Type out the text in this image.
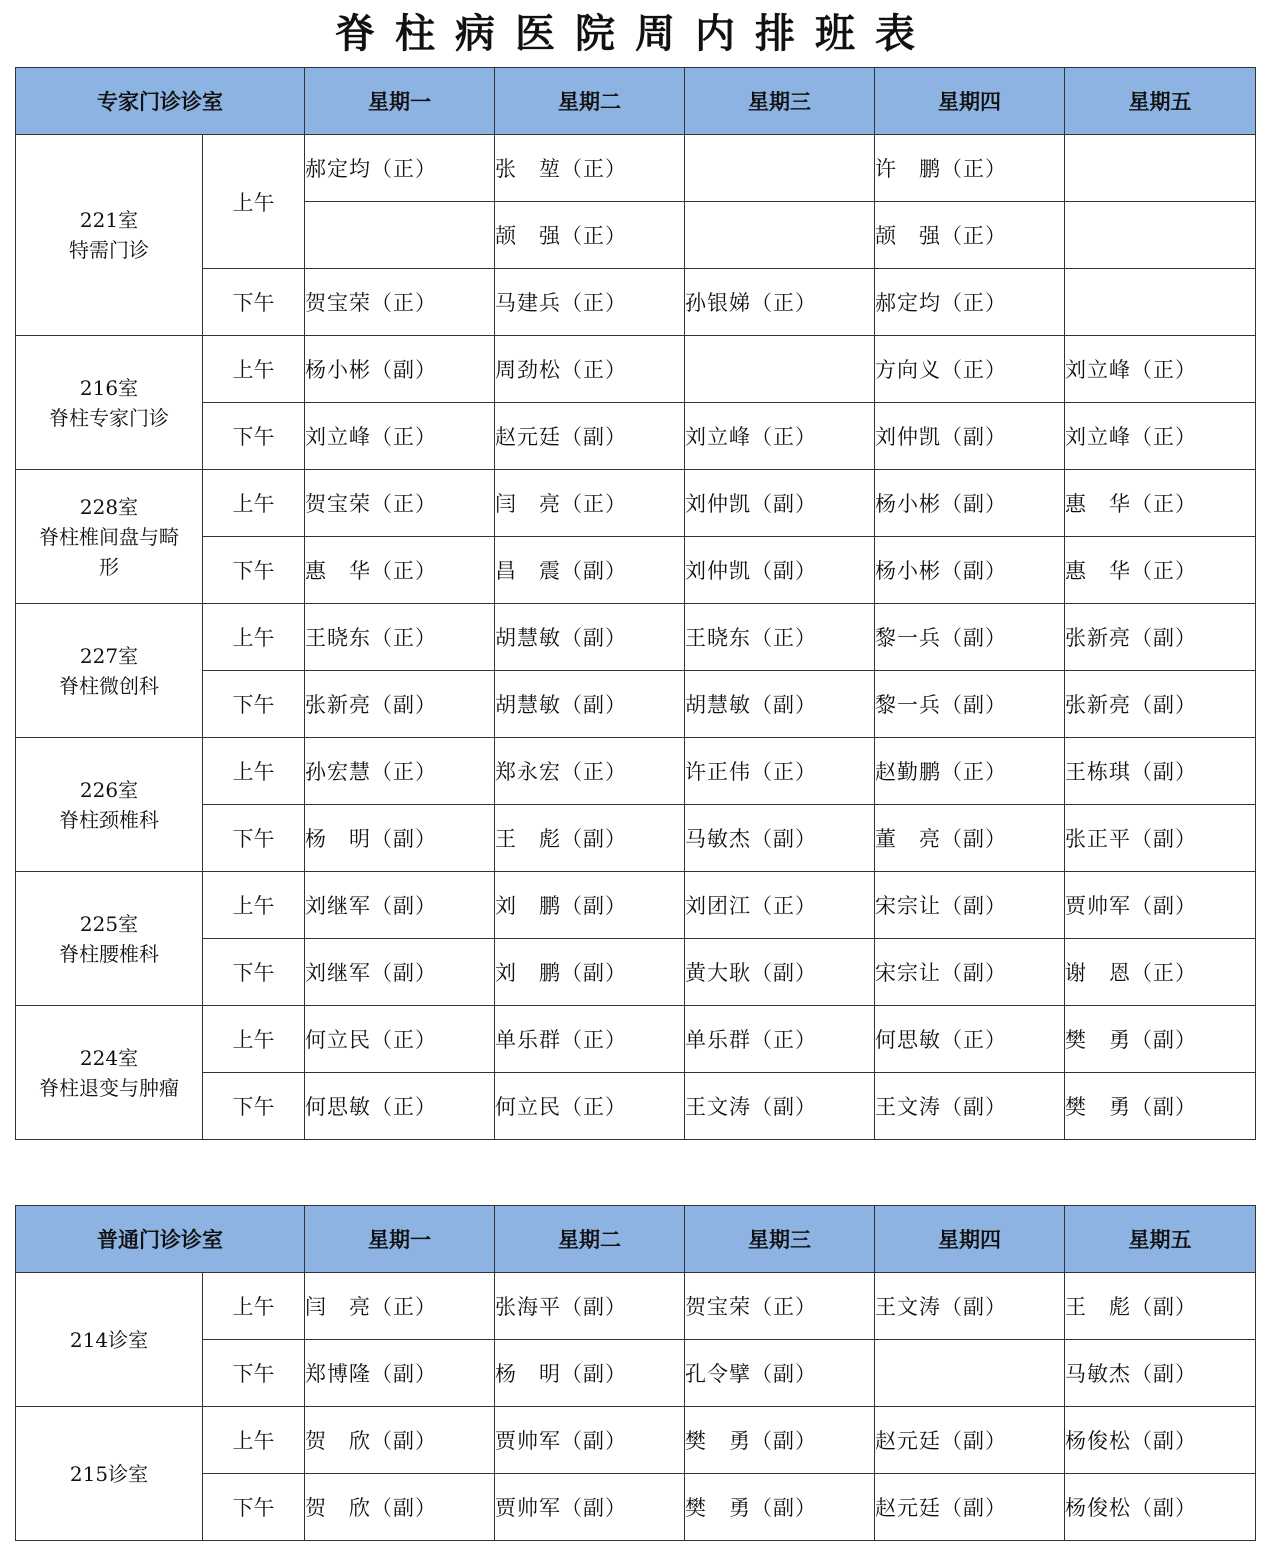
脊柱病医院周内排班表
专家门诊诊室		星期一	星期二	星期三	星期四	星期五
221室
特需门诊	上午	郝定均（正）	张　堃（正）		许　鹏（正）	
			颉　强（正）		颉　强（正）	
	下午	贺宝荣（正）	马建兵（正）	孙银娣（正）	郝定均（正）	
216室
脊柱专家门诊	上午	杨小彬（副）	周劲松（正）		方向义（正）	刘立峰（正）
	下午	刘立峰（正）	赵元廷（副）	刘立峰（正）	刘仲凯（副）	刘立峰（正）
228室
脊柱椎间盘与畸
形	上午	贺宝荣（正）	闫　亮（正）	刘仲凯（副）	杨小彬（副）	惠　华（正）
	下午	惠　华（正）	昌　震（副）	刘仲凯（副）	杨小彬（副）	惠　华（正）
227室
脊柱微创科	上午	王晓东（正）	胡慧敏（副）	王晓东（正）	黎一兵（副）	张新亮（副）
	下午	张新亮（副）	胡慧敏（副）	胡慧敏（副）	黎一兵（副）	张新亮（副）
226室
脊柱颈椎科	上午	孙宏慧（正）	郑永宏（正）	许正伟（正）	赵勤鹏（正）	王栋琪（副）
	下午	杨　明（副）	王　彪（副）	马敏杰（副）	董　亮（副）	张正平（副）
225室
脊柱腰椎科	上午	刘继军（副）	刘　鹏（副）	刘团江（正）	宋宗让（副）	贾帅军（副）
	下午	刘继军（副）	刘　鹏（副）	黄大耿（副）	宋宗让（副）	谢　恩（正）
224室
脊柱退变与肿瘤	上午	何立民（正）	单乐群（正）	单乐群（正）	何思敏（正）	樊　勇（副）
	下午	何思敏（正）	何立民（正）	王文涛（副）	王文涛（副）	樊　勇（副）
普通门诊诊室		星期一	星期二	星期三	星期四	星期五
214诊室	上午	闫　亮（正）	张海平（副）	贺宝荣（正）	王文涛（副）	王　彪（副）
	下午	郑博隆（副）	杨　明（副）	孔令擘（副）		马敏杰（副）
215诊室	上午	贺　欣（副）	贾帅军（副）	樊　勇（副）	赵元廷（副）	杨俊松（副）
	下午	贺　欣（副）	贾帅军（副）	樊　勇（副）	赵元廷（副）	杨俊松（副）
